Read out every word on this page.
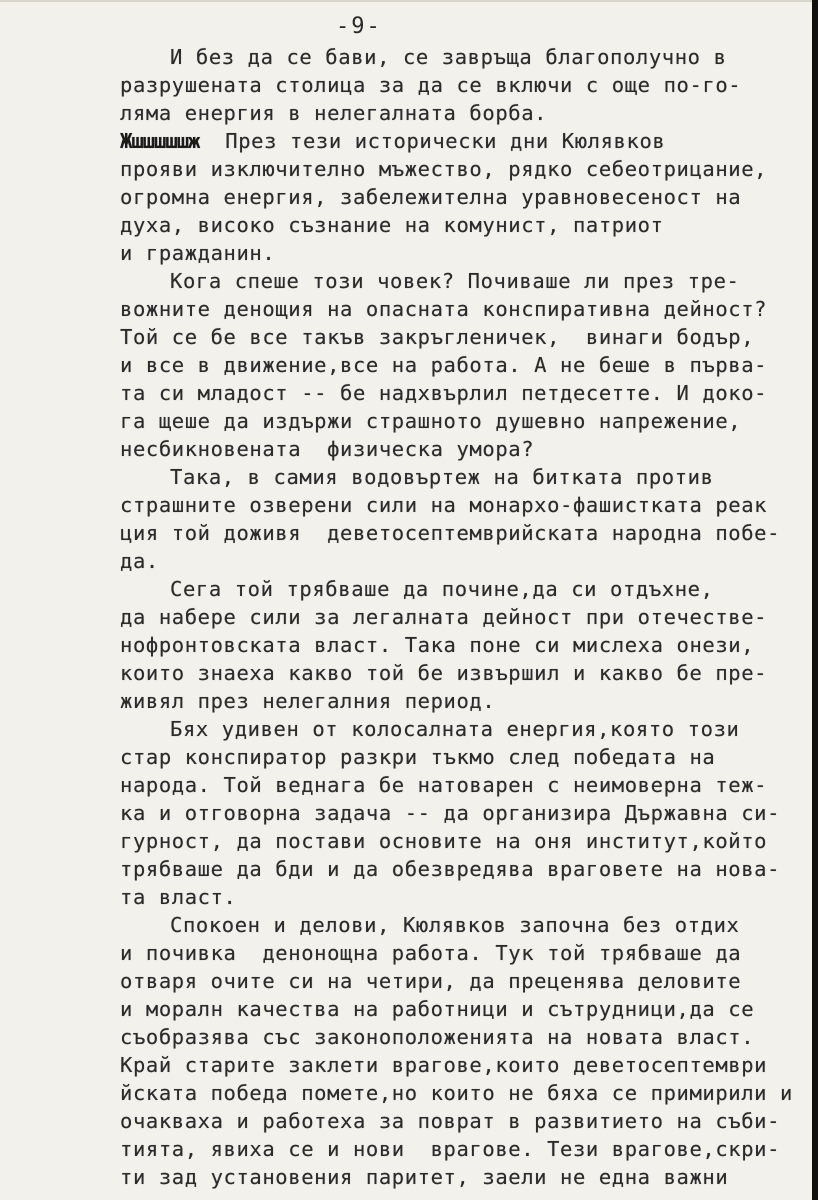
-9-
И без да се бави, се завръща благополучно в
разрушената столица за да се включи с още по-го-
ляма енергия в нелегалната борба.
Жшшшшшж През тези исторически дни Кюлявков
прояви изключително мъжество, рядко себеотрицание,
огромна енергия, забележителна уравновесеност на
духа, високо съзнание на комунист, патриот
и гражданин.
Кога спеше този човек? Почиваше ли през тре-
вожните денощия на опасната конспиративна дейност?
Той се бе все такъв закръгленичек,  винаги бодър,
и все в движение,все на работа. А не беше в първа-
та си младост -- бе надхвърлил петдесетте. И доко-
га щеше да издържи страшното душевно напрежение,
несбикновената  физическа умора?
Така, в самия водовъртеж на битката против
страшните озверени сили на монархо-фашистката реак
ция той доживя  деветосептемврийската народна побе-
да.
Сега той трябваше да почине,да си отдъхне,
да набере сили за легалната дейност при отечестве-
нофронтовската власт. Така поне си мислеха онези,
които знаеха какво той бе извършил и какво бе пре-
живял през нелегалния период.
Бях удивен от колосалната енергия,която този
стар конспиратор разкри тъкмо след победата на
народа. Той веднага бе натоварен с неимоверна теж-
ка и отговорна задача -- да организира Държавна си-
гурност, да постави основите на оня институт,който
трябваше да бди и да обезвредява враговете на нова-
та власт.
Спокоен и делови, Кюлявков започна без отдих
и почивка  денонощна работа. Тук той трябваше да
отваря очите си на четири, да преценява деловите
и моралн качества на работници и сътрудници,да се
съобразява със законоположенията на новата власт.
Край старите заклети врагове,които деветосептември
йската победа помете,но които не бяха се примирили и
очакваха и работеха за поврат в развитието на съби-
тията, явиха се и нови  врагове. Тези врагове,скри-
ти зад установения паритет, заели не една важни
